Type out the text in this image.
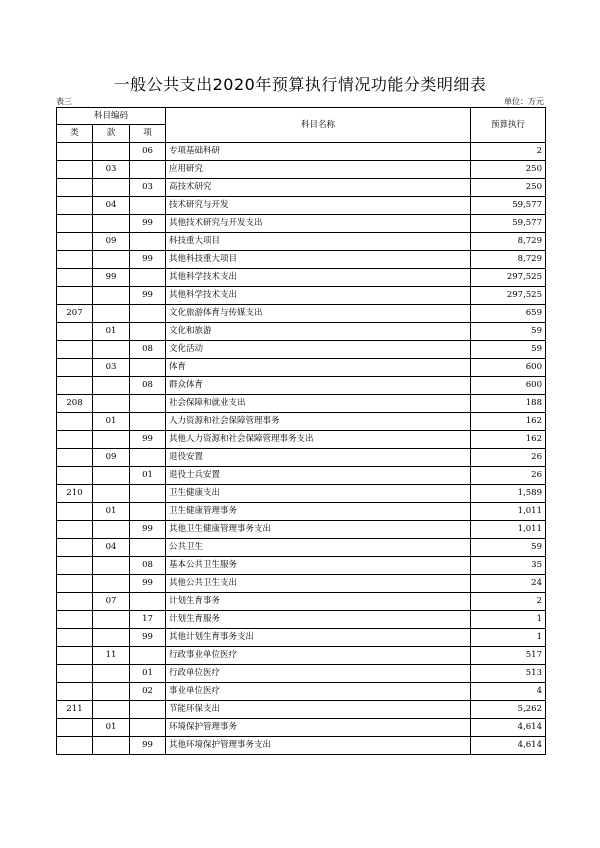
一般公共支出2020年预算执行情况功能分类明细表
表三	单位：万元
科目编码			科目名称	预算执行
类	款	项		
		06	专项基础科研	2
	03		应用研究	250
		03	高技术研究	250
	04		技术研究与开发	59,577
		99	其他技术研究与开发支出	59,577
	09		科技重大项目	8,729
		99	其他科技重大项目	8,729
	99		其他科学技术支出	297,525
		99	其他科学技术支出	297,525
207			文化旅游体育与传媒支出	659
	01		文化和旅游	59
		08	文化活动	59
	03		体育	600
		08	群众体育	600
208			社会保障和就业支出	188
	01		人力资源和社会保障管理事务	162
		99	其他人力资源和社会保障管理事务支出	162
	09		退役安置	26
		01	退役士兵安置	26
210			卫生健康支出	1,589
	01		卫生健康管理事务	1,011
		99	其他卫生健康管理事务支出	1,011
	04		公共卫生	59
		08	基本公共卫生服务	35
		99	其他公共卫生支出	24
	07		计划生育事务	2
		17	计划生育服务	1
		99	其他计划生育事务支出	1
	11		行政事业单位医疗	517
		01	行政单位医疗	513
		02	事业单位医疗	4
211			节能环保支出	5,262
	01		环境保护管理事务	4,614
		99	其他环境保护管理事务支出	4,614
